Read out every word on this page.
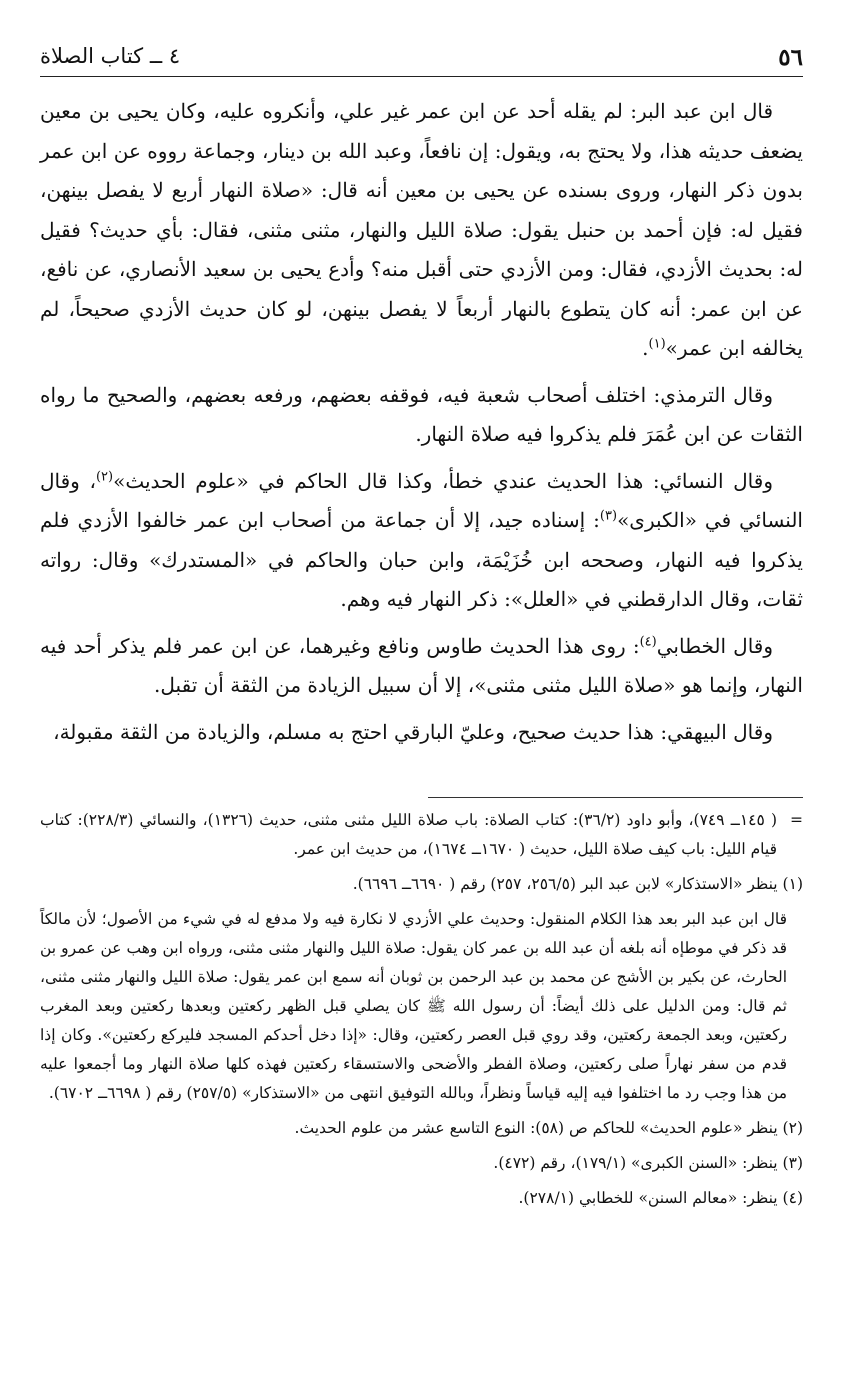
٥٦
٤ ــ كتاب الصلاة

قال ابن عبد البر: لم يقله أحد عن ابن عمر غير علي، وأنكروه عليه، وكان يحيى بن معين يضعف حديثه هذا، ولا يحتج به، ويقول: إن نافعاً، وعبد الله بن دينار، وجماعة رووه عن ابن عمر بدون ذكر النهار، وروى بسنده عن يحيى بن معين أنه قال: «صلاة النهار أربع لا يفصل بينهن، فقيل له: فإن أحمد بن حنبل يقول: صلاة الليل والنهار، مثنى مثنى، فقال: بأي حديث؟ فقيل له: بحديث الأزدي، فقال: ومن الأزدي حتى أقبل منه؟ وأدع يحيى بن سعيد الأنصاري، عن نافع، عن ابن عمر: أنه كان يتطوع بالنهار أربعاً لا يفصل بينهن، لو كان حديث الأزدي صحيحاً، لم يخالفه ابن عمر»$^{(١)}$.

وقال الترمذي: اختلف أصحاب شعبة فيه، فوقفه بعضهم، ورفعه بعضهم، والصحيح ما رواه الثقات عن ابن عُمَرَ فلم يذكروا فيه صلاة النهار.

وقال النسائي: هذا الحديث عندي خطأ، وكذا قال الحاكم في «علوم الحديث»$^{(٢)}$، وقال النسائي في «الكبرى»$^{(٣)}$: إسناده جيد، إلا أن جماعة من أصحاب ابن عمر خالفوا الأزدي فلم يذكروا فيه النهار، وصححه ابن خُزَيْمَة، وابن حبان والحاكم في «المستدرك» وقال: رواته ثقات، وقال الدارقطني في «العلل»: ذكر النهار فيه وهم.

وقال الخطابي$^{(٤)}$: روى هذا الحديث طاوس ونافع وغيرهما، عن ابن عمر فلم يذكر أحد فيه النهار، وإنما هو «صلاة الليل مثنى مثنى»، إلا أن سبيل الزيادة من الثقة أن تقبل.

وقال البيهقي: هذا حديث صحيح، وعليّ البارقي احتج به مسلم، والزيادة من الثقة مقبولة،

=
( ١٤٥ــ ٧٤٩)، وأبو داود (٣٦/٢): كتاب الصلاة: باب صلاة الليل مثنى مثنى، حديث (١٣٢٦)، والنسائي (٢٢٨/٣): كتاب قيام الليل: باب كيف صلاة الليل، حديث ( ١٦٧٠ــ ١٦٧٤)، من حديث ابن عمر.

(١) ينظر «الاستذكار» لابن عبد البر (٢٥٦/٥، ٢٥٧) رقم ( ٦٦٩٠ــ ٦٦٩٦).

قال ابن عبد البر بعد هذا الكلام المنقول: وحديث علي الأزدي لا نكارة فيه ولا مدفع له في شيء من الأصول؛ لأن مالكاً قد ذكر في موطإه أنه بلغه أن عبد الله بن عمر كان يقول: صلاة الليل والنهار مثنى مثنى، ورواه ابن وهب عن عمرو بن الحارث، عن بكير بن الأشج عن محمد بن عبد الرحمن بن ثوبان أنه سمع ابن عمر يقول: صلاة الليل والنهار مثنى مثنى، ثم قال: ومن الدليل على ذلك أيضاً: أن رسول الله ﷺ كان يصلي قبل الظهر ركعتين وبعدها ركعتين وبعد المغرب ركعتين، وبعد الجمعة ركعتين، وقد روي قبل العصر ركعتين، وقال: «إذا دخل أحدكم المسجد فليركع ركعتين». وكان إذا قدم من سفر نهاراً صلى ركعتين، وصلاة الفطر والأضحى والاستسقاء ركعتين فهذه كلها صلاة النهار وما أجمعوا عليه من هذا وجب رد ما اختلفوا فيه إليه قياساً ونظراً، وبالله التوفيق انتهى من «الاستذكار» (٢٥٧/٥) رقم ( ٦٦٩٨ــ ٦٧٠٢).

(٢) ينظر «علوم الحديث» للحاكم ص (٥٨): النوع التاسع عشر من علوم الحديث.

(٣) ينظر: «السنن الكبرى» (١٧٩/١)، رقم (٤٧٢).

(٤) ينظر: «معالم السنن» للخطابي (٢٧٨/١).
